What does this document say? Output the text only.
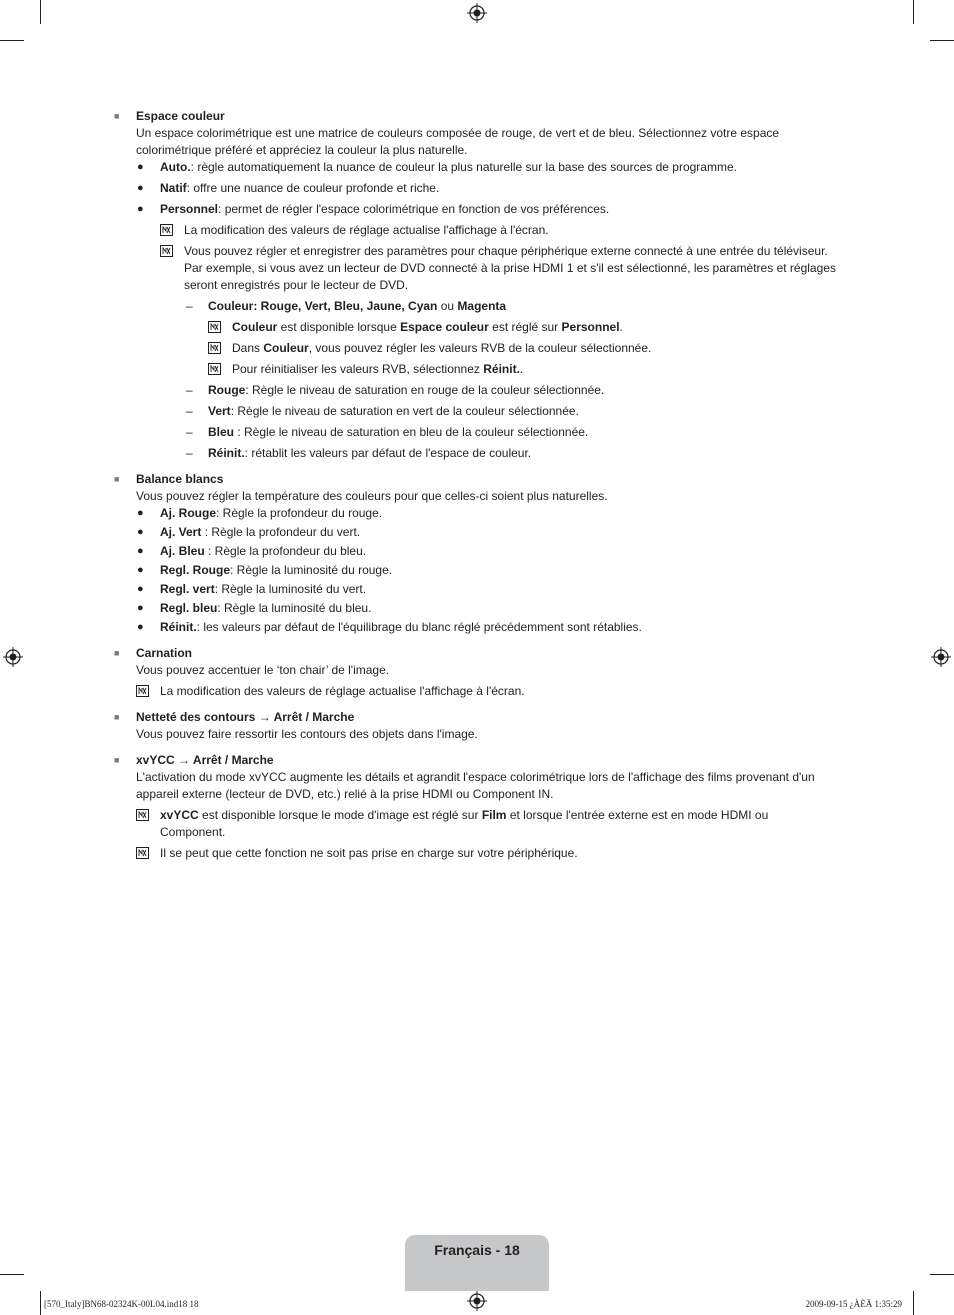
■ Espace couleur
Un espace colorimétrique est une matrice de couleurs composée de rouge, de vert et de bleu. Sélectionnez votre espace colorimétrique préféré et appréciez la couleur la plus naturelle.
● Auto.: règle automatiquement la nuance de couleur la plus naturelle sur la base des sources de programme.
● Natif: offre une nuance de couleur profonde et riche.
● Personnel: permet de régler l'espace colorimétrique en fonction de vos préférences.
La modification des valeurs de réglage actualise l'affichage à l'écran.
Vous pouvez régler et enregistrer des paramètres pour chaque périphérique externe connecté à une entrée du téléviseur. Par exemple, si vous avez un lecteur de DVD connecté à la prise HDMI 1 et s'il est sélectionné, les paramètres et réglages seront enregistrés pour le lecteur de DVD.
– Couleur: Rouge, Vert, Bleu, Jaune, Cyan ou Magenta
Couleur est disponible lorsque Espace couleur est réglé sur Personnel.
Dans Couleur, vous pouvez régler les valeurs RVB de la couleur sélectionnée.
Pour réinitialiser les valeurs RVB, sélectionnez Réinit..
– Rouge: Règle le niveau de saturation en rouge de la couleur sélectionnée.
– Vert: Règle le niveau de saturation en vert de la couleur sélectionnée.
– Bleu : Règle le niveau de saturation en bleu de la couleur sélectionnée.
– Réinit.: rétablit les valeurs par défaut de l'espace de couleur.
■ Balance blancs
Vous pouvez régler la température des couleurs pour que celles-ci soient plus naturelles.
● Aj. Rouge: Règle la profondeur du rouge.
● Aj. Vert : Règle la profondeur du vert.
● Aj. Bleu : Règle la profondeur du bleu.
● Regl. Rouge: Règle la luminosité du rouge.
● Regl. vert: Règle la luminosité du vert.
● Regl. bleu: Règle la luminosité du bleu.
● Réinit.: les valeurs par défaut de l'équilibrage du blanc réglé précédemment sont rétablies.
■ Carnation
Vous pouvez accentuer le ‘ton chair’ de l'image.
La modification des valeurs de réglage actualise l'affichage à l'écran.
■ Netteté des contours → Arrêt / Marche
Vous pouvez faire ressortir les contours des objets dans l'image.
■ xvYCC → Arrêt / Marche
L'activation du mode xvYCC augmente les détails et agrandit l'espace colorimétrique lors de l'affichage des films provenant d'un appareil externe (lecteur de DVD, etc.) relié à la prise HDMI ou Component IN.
xvYCC est disponible lorsque le mode d'image est réglé sur Film et lorsque l'entrée externe est en mode HDMI ou Component.
Il se peut que cette fonction ne soit pas prise en charge sur votre périphérique.
Français - 18
[570_Italy]BN68-02324K-00L04.ind18 18	2009-09-15 ¿ÀÈÄ 1:35:29
